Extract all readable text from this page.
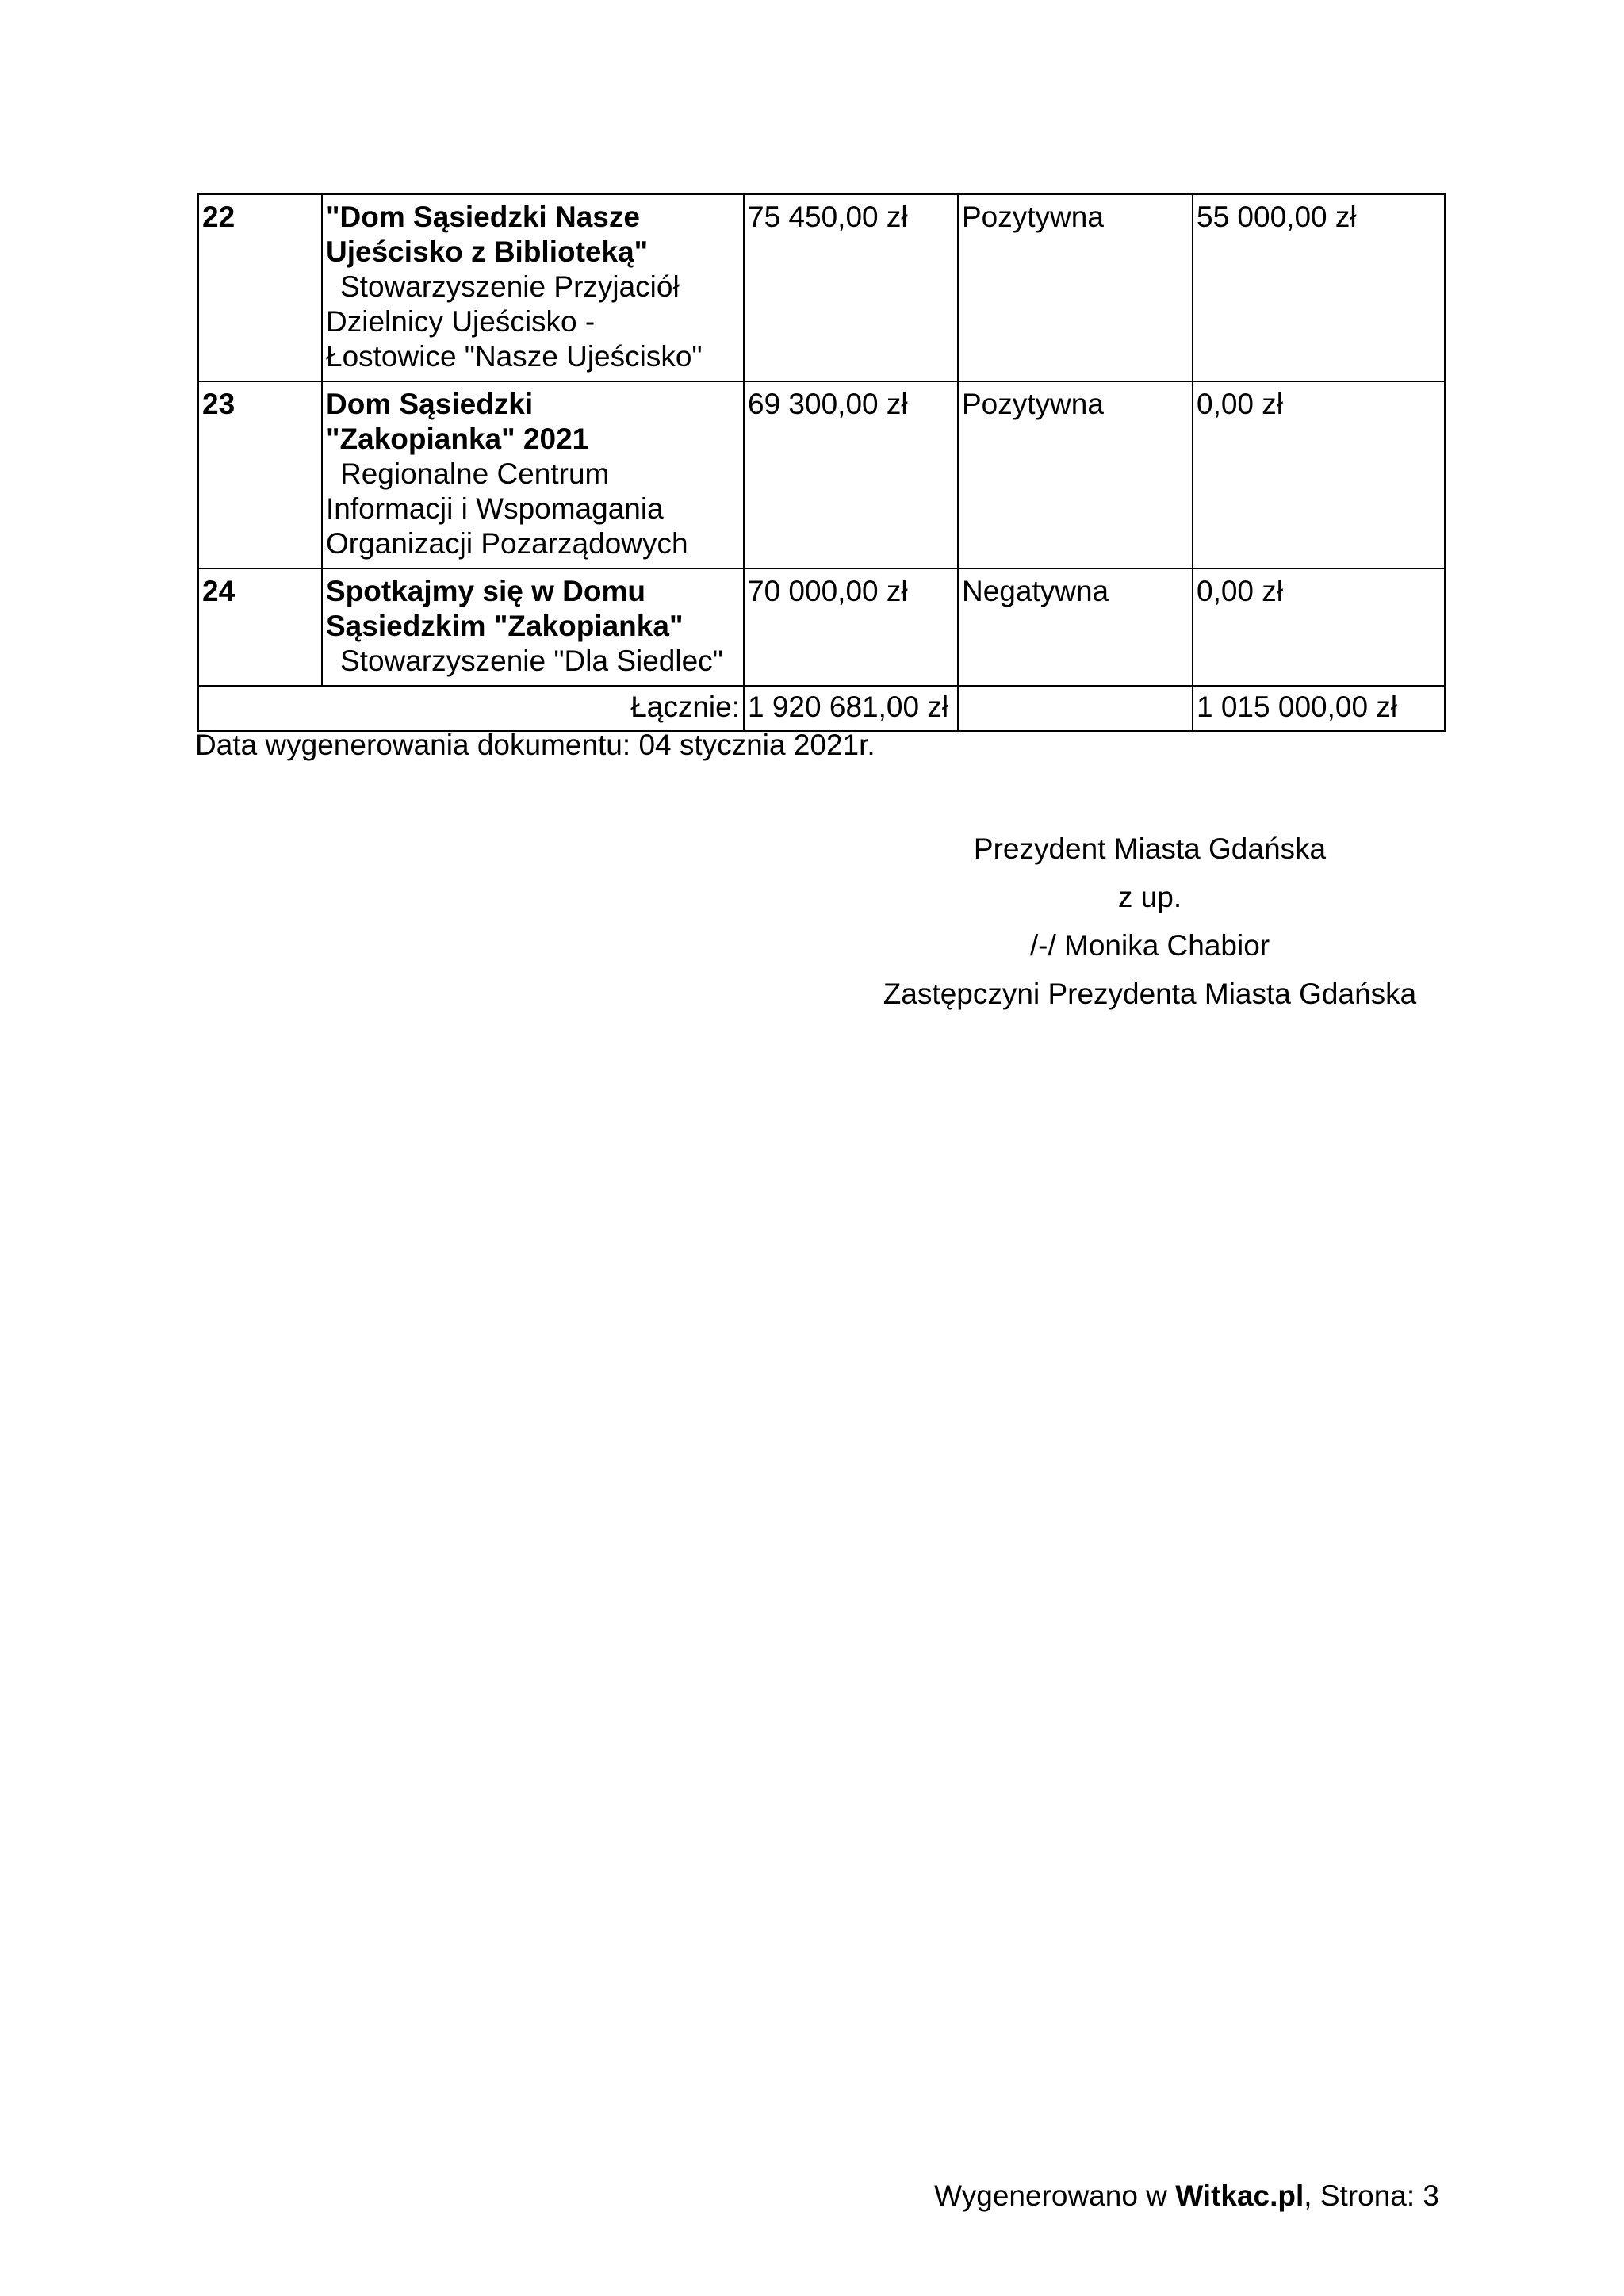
22	"Dom Sąsiedzki Nasze
Ujeścisko z Biblioteką"
Stowarzyszenie Przyjaciół
Dzielnicy Ujeścisko -
Łostowice "Nasze Ujeścisko"	75 450,00 zł	Pozytywna	55 000,00 zł
23	Dom Sąsiedzki
"Zakopianka" 2021
Regionalne Centrum
Informacji i Wspomagania
Organizacji Pozarządowych	69 300,00 zł	Pozytywna	0,00 zł
24	Spotkajmy się w Domu
Sąsiedzkim "Zakopianka"
Stowarzyszenie "Dla Siedlec"	70 000,00 zł	Negatywna	0,00 zł
Łącznie:		1 920 681,00 zł		1 015 000,00 zł
Data wygenerowania dokumentu: 04 stycznia 2021r.
Prezydent Miasta Gdańska
z up.
/-/ Monika Chabior
Zastępczyni Prezydenta Miasta Gdańska
Wygenerowano w Witkac.pl, Strona: 3
